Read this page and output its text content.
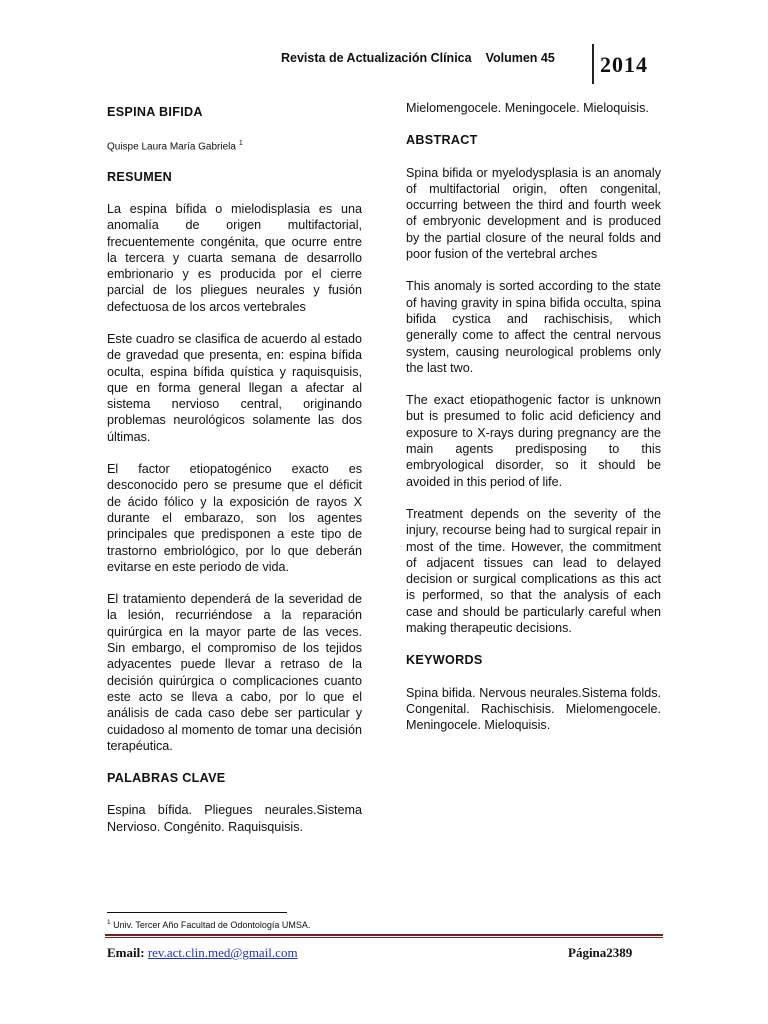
Revista de Actualización Clínica Volumen 45 2014
ESPINA BIFIDA
Quispe Laura María Gabriela $^1$
RESUMEN

La espina bífida o mielodisplasia es una anomalía de origen multifactorial, frecuentemente congénita, que ocurre entre la tercera y cuarta semana de desarrollo embrionario y es producida por el cierre parcial de los pliegues neurales y fusión defectuosa de los arcos vertebrales

Este cuadro se clasifica de acuerdo al estado de gravedad que presenta, en: espina bífida oculta, espina bífida quística y raquisquisis, que en forma general llegan a afectar al sistema nervioso central, originando problemas neurológicos solamente las dos últimas.

El factor etiopatogénico exacto es desconocido pero se presume que el déficit de ácido fólico y la exposición de rayos X durante el embarazo, son los agentes principales que predisponen a este tipo de trastorno embriológico, por lo que deberán evitarse en este periodo de vida.

El tratamiento dependerá de la severidad de la lesión, recurriéndose a la reparación quirúrgica en la mayor parte de las veces. Sin embargo, el compromiso de los tejidos adyacentes puede llevar a retraso de la decisión quirúrgica o complicaciones cuanto este acto se lleva a cabo, por lo que el análisis de cada caso debe ser particular y cuidadoso al momento de tomar una decisión terapéutica.

PALABRAS CLAVE

Espina bífida. Pliegues neurales.Sistema Nervioso. Congénito. Raquisquisis.

Mielomengocele. Meningocele. Mieloquisis.

ABSTRACT

Spina bifida or myelodysplasia is an anomaly of multifactorial origin, often congenital, occurring between the third and fourth week of embryonic development and is produced by the partial closure of the neural folds and poor fusion of the vertebral arches

This anomaly is sorted according to the state of having gravity in spina bifida occulta, spina bifida cystica and rachischisis, which generally come to affect the central nervous system, causing neurological problems only the last two.

The exact etiopathogenic factor is unknown but is presumed to folic acid deficiency and exposure to X-rays during pregnancy are the main agents predisposing to this embryological disorder, so it should be avoided in this period of life.

Treatment depends on the severity of the injury, recourse being had to surgical repair in most of the time. However, the commitment of adjacent tissues can lead to delayed decision or surgical complications as this act is performed, so that the analysis of each case and should be particularly careful when making therapeutic decisions.

KEYWORDS

Spina bifida. Nervous neurales.Sistema folds. Congenital. Rachischisis. Mielomengocele. Meningocele. Mieloquisis.

$^1$ Univ. Tercer Año Facultad de Odontología UMSA.
Email: rev.act.clin.med@gmail.com	Página2389
